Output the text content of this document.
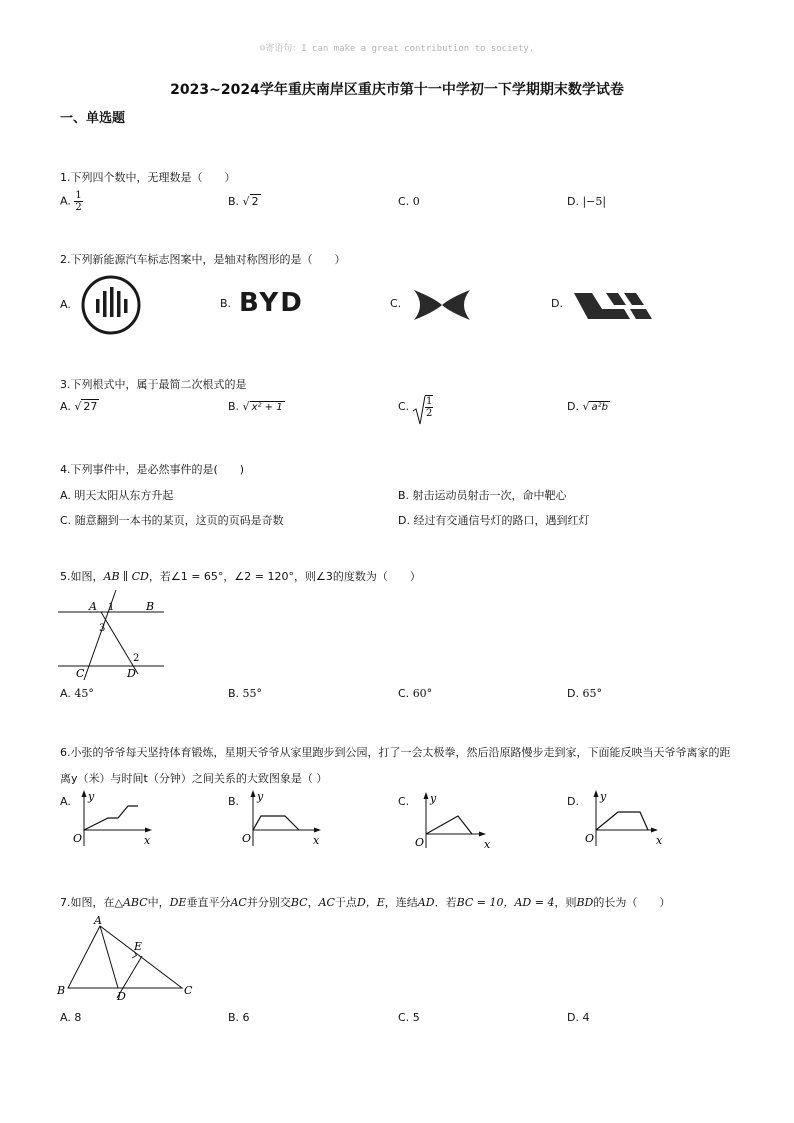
☺寄语句：I can make a great contribution to society.
2023~2024学年重庆南岸区重庆市第十一中学初一下学期期末数学试卷
一、单选题
1.下列四个数中，无理数是（　　）
A. $\frac{1}{2}$	B. √ 2	C. 0	D. |−5|
2.下列新能源汽车标志图案中，是轴对称图形的是（　　）
A.	B. BYD	C.	D.
3.下列根式中，属于最简二次根式的是
A. √ 27	B. √ x² + 1	C. $\frac{1}{2}$	D. √ a²b
4.下列事件中，是必然事件的是(　　)
A. 明天太阳从东方升起	B. 射击运动员射击一次，命中靶心
C. 随意翻到一本书的某页，这页的页码是奇数	D. 经过有交通信号灯的路口，遇到红灯
5.如图，AB ∥ CD，若∠1 = 65°，∠2 = 120°，则∠3的度数为（　　）
A 1	B
3
2
C	D
A. 45°	B. 55°	C. 60°	D. 65°
6.小张的爷爷每天坚持体育锻炼，星期天爷爷从家里跑步到公园，打了一会太极拳，然后沿原路慢步走到家，下面能反映当天爷爷离家的距
离y（米）与时间t（分钟）之间关系的大致图象是（ ）
A. y
x
O
B. y
x
O
C. y
x
O
D. y
x
O
7.如图，在△ABC中，DE垂直平分AC并分别交BC，AC于点D，E，连结AD．若BC = 10，AD = 4，则BD的长为（　　）
A
E
B	D	C
A. 8	B. 6	C. 5	D. 4
